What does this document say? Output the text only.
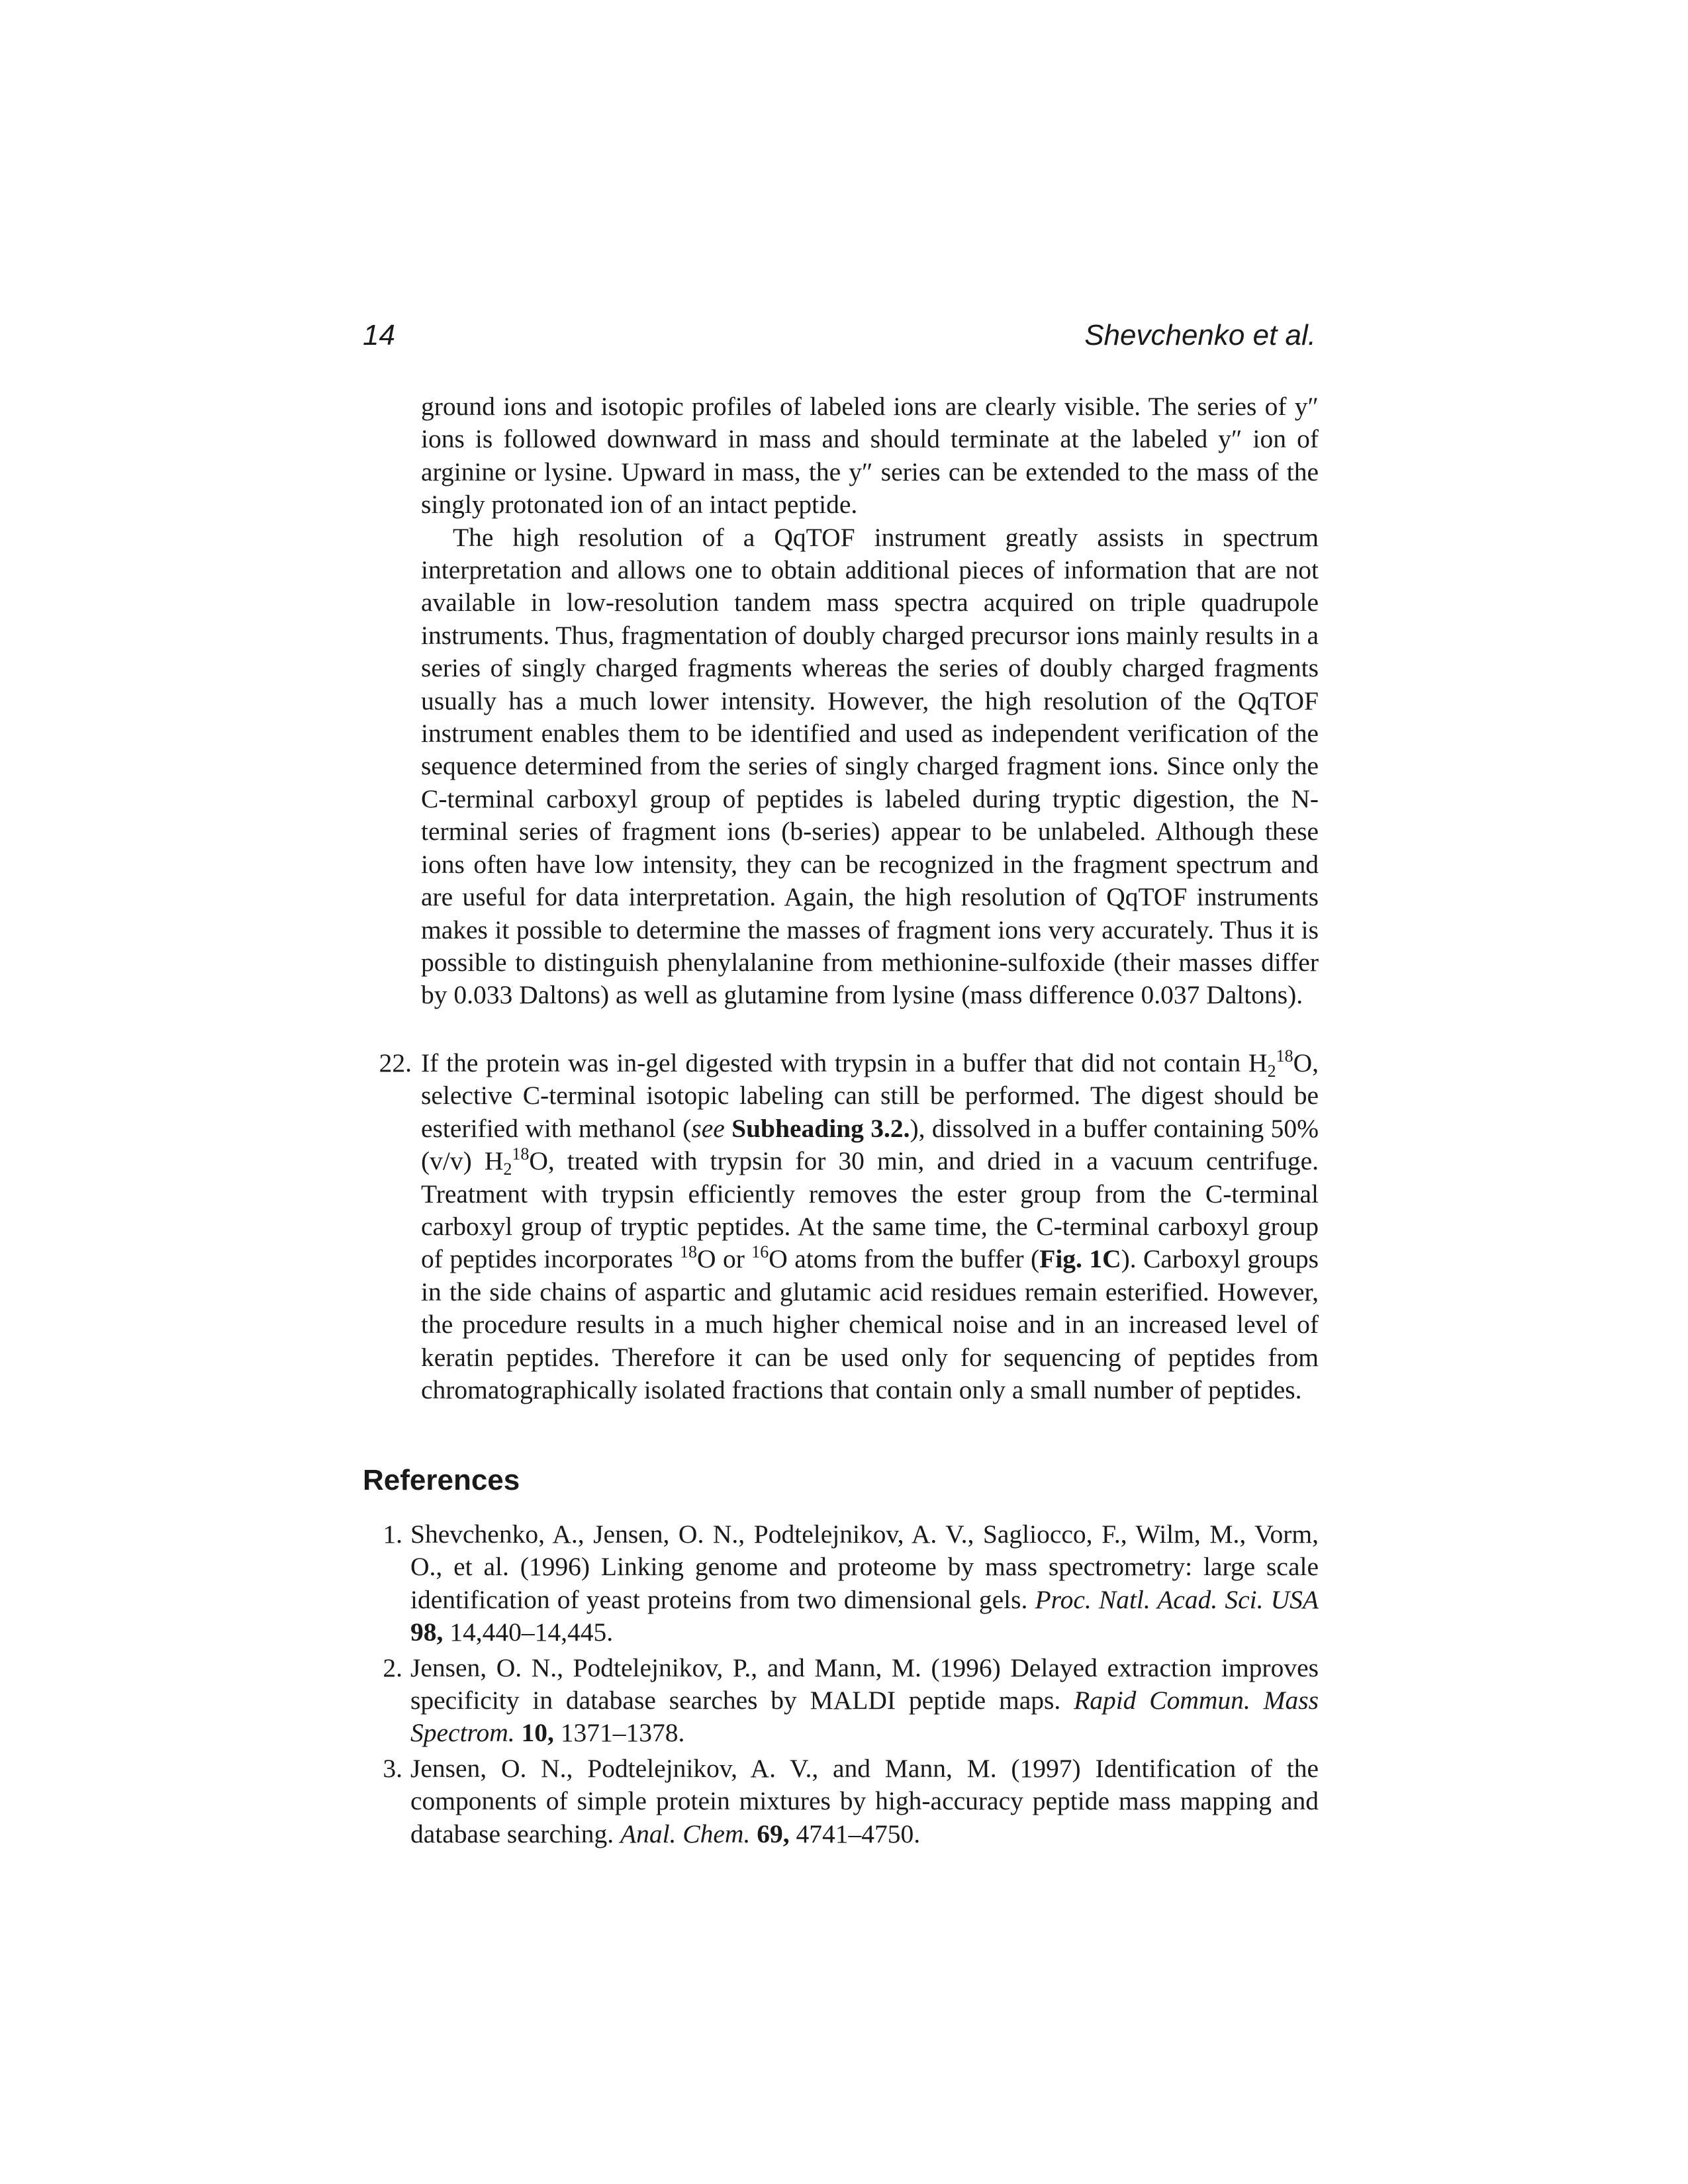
14	Shevchenko et al.

ground ions and isotopic profiles of labeled ions are clearly visible. The series of y″ ions is followed downward in mass and should terminate at the labeled y″ ion of arginine or lysine. Upward in mass, the y″ series can be extended to the mass of the singly protonated ion of an intact peptide.

The high resolution of a QqTOF instrument greatly assists in spectrum interpretation and allows one to obtain additional pieces of information that are not available in low-resolution tandem mass spectra acquired on triple quadrupole instruments. Thus, fragmentation of doubly charged precursor ions mainly results in a series of singly charged fragments whereas the series of doubly charged fragments usually has a much lower intensity. However, the high resolution of the QqTOF instrument enables them to be identified and used as independent verification of the sequence determined from the series of singly charged fragment ions. Since only the C-terminal carboxyl group of peptides is labeled during tryptic digestion, the N-terminal series of fragment ions (b-series) appear to be unlabeled. Although these ions often have low intensity, they can be recognized in the fragment spectrum and are useful for data interpretation. Again, the high resolution of QqTOF instruments makes it possible to determine the masses of fragment ions very accurately. Thus it is possible to distinguish phenylalanine from methionine-sulfoxide (their masses differ by 0.033 Daltons) as well as glutamine from lysine (mass difference 0.037 Daltons).

22. If the protein was in-gel digested with trypsin in a buffer that did not contain $H_2^{18}O$, selective C-terminal isotopic labeling can still be performed. The digest should be esterified with methanol (see Subheading 3.2.), dissolved in a buffer containing 50% (v/v) $H_2^{18}O$, treated with trypsin for 30 min, and dried in a vacuum centrifuge. Treatment with trypsin efficiently removes the ester group from the C-terminal carboxyl group of tryptic peptides. At the same time, the C-terminal carboxyl group of peptides incorporates $^{18}$O or $^{16}$O atoms from the buffer (Fig. 1C). Carboxyl groups in the side chains of aspartic and glutamic acid residues remain esterified. However, the procedure results in a much higher chemical noise and in an increased level of keratin peptides. Therefore it can be used only for sequencing of peptides from chromatographically isolated fractions that contain only a small number of peptides.
References
1. Shevchenko, A., Jensen, O. N., Podtelejnikov, A. V., Sagliocco, F., Wilm, M., Vorm, O., et al. (1996) Linking genome and proteome by mass spectrometry: large scale identification of yeast proteins from two dimensional gels. Proc. Natl. Acad. Sci. USA 98, 14,440–14,445.
2. Jensen, O. N., Podtelejnikov, P., and Mann, M. (1996) Delayed extraction improves specificity in database searches by MALDI peptide maps. Rapid Commun. Mass Spectrom. 10, 1371–1378.
3. Jensen, O. N., Podtelejnikov, A. V., and Mann, M. (1997) Identification of the components of simple protein mixtures by high-accuracy peptide mass mapping and database searching. Anal. Chem. 69, 4741–4750.
